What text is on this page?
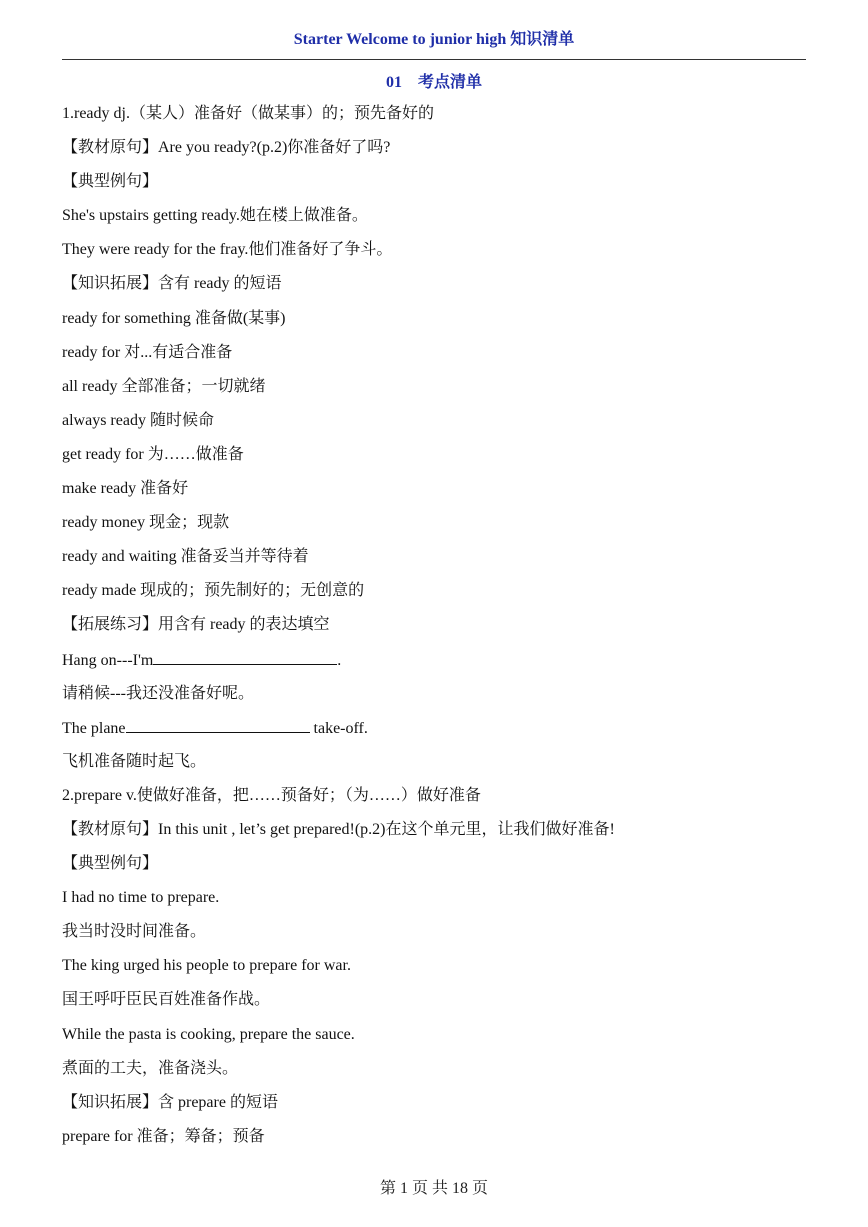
Starter Welcome to junior high 知识清单
01　考点清单
1.ready dj.（某人）准备好（做某事）的；预先备好的
【教材原句】Are you ready?(p.2)你准备好了吗?
【典型例句】
She's upstairs getting ready.她在楼上做准备。
They were ready for the fray.他们准备好了争斗。
【知识拓展】含有 ready 的短语
ready for something 准备做(某事)
ready for 对...有适合准备
all ready 全部准备；一切就绪
always ready 随时候命
get ready for 为……做准备
make ready 准备好
ready money 现金；现款
ready and waiting 准备妥当并等待着
ready made 现成的；预先制好的；无创意的
【拓展练习】用含有 ready 的表达填空
Hang on---I'm	.
请稍候---我还没准备好呢。
The plane	take-off.
飞机准备随时起飞。
2.prepare v.使做好准备，把……预备好；（为……）做好准备
【教材原句】In this unit , let’s get prepared!(p.2)在这个单元里，让我们做好准备!
【典型例句】
I had no time to prepare.
我当时没时间准备。
The king urged his people to prepare for war.
国王呼吁臣民百姓准备作战。
While the pasta is cooking, prepare the sauce.
煮面的工夫，准备浇头。
【知识拓展】含 prepare 的短语
prepare for 准备；筹备；预备
第 1 页 共 18 页
